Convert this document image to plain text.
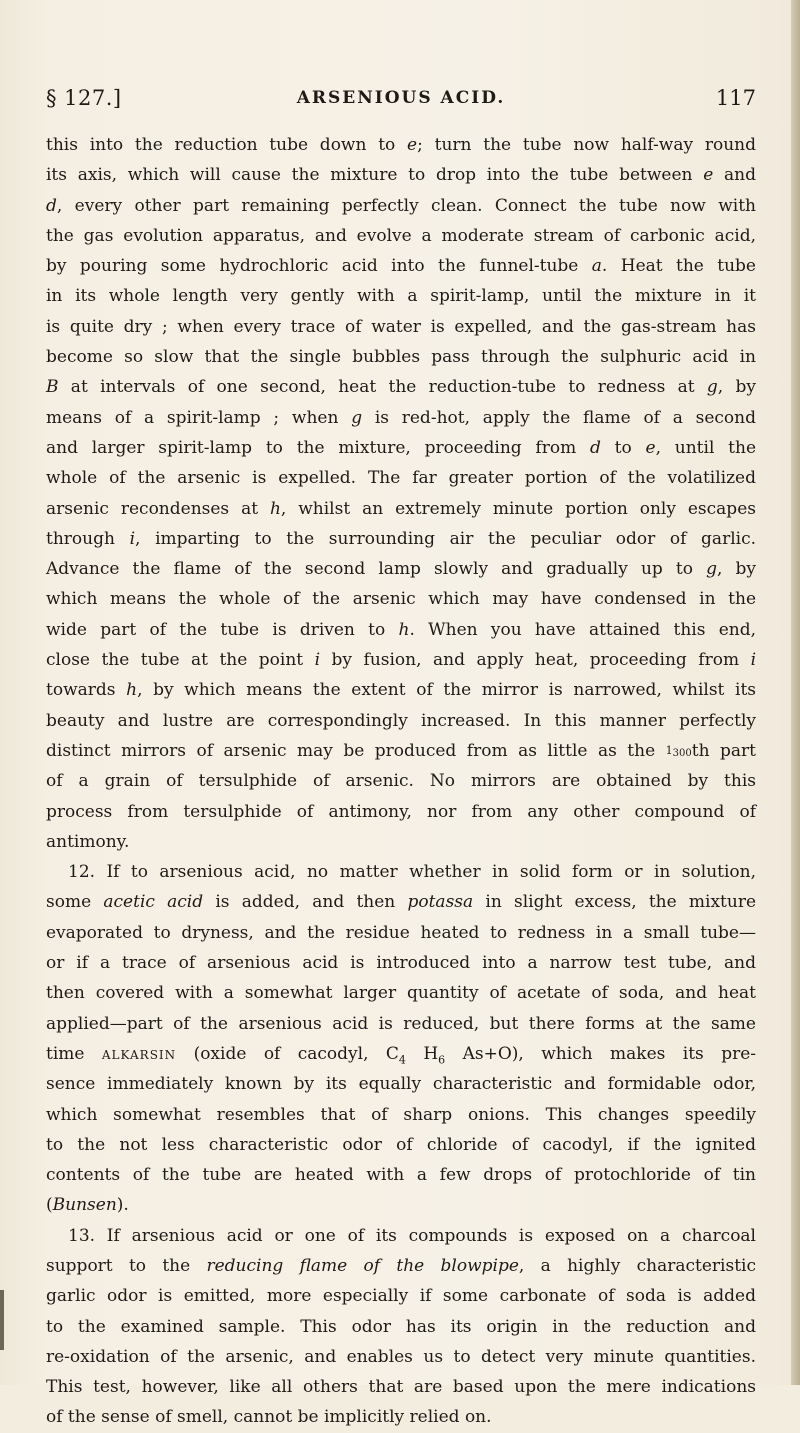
§ 127.]	ARSENIOUS ACID.	117
this into the reduction tube down to e; turn the tube now half-way round
its axis, which will cause the mixture to drop into the tube between e and
d, every other part remaining perfectly clean. Connect the tube now with
the gas evolution apparatus, and evolve a moderate stream of carbonic acid,
by pouring some hydrochloric acid into the funnel-tube a. Heat the tube
in its whole length very gently with a spirit-lamp, until the mixture in it
is quite dry ; when every trace of water is expelled, and the gas-stream has
become so slow that the single bubbles pass through the sulphuric acid in
B at intervals of one second, heat the reduction-tube to redness at g, by
means of a spirit-lamp ; when g is red-hot, apply the flame of a second
and larger spirit-lamp to the mixture, proceeding from d to e, until the
whole of the arsenic is expelled. The far greater portion of the volatilized
arsenic recondenses at h, whilst an extremely minute portion only escapes
through i, imparting to the surrounding air the peculiar odor of garlic.
Advance the flame of the second lamp slowly and gradually up to g, by
which means the whole of the arsenic which may have condensed in the
wide part of the tube is driven to h. When you have attained this end,
close the tube at the point i by fusion, and apply heat, proceeding from i
towards h, by which means the extent of the mirror is narrowed, whilst its
beauty and lustre are correspondingly increased. In this manner perfectly
distinct mirrors of arsenic may be produced from as little as the 1300th part
of a grain of tersulphide of arsenic. No mirrors are obtained by this
process from tersulphide of antimony, nor from any other compound of
antimony.
12. If to arsenious acid, no matter whether in solid form or in solution,
some acetic acid is added, and then potassa in slight excess, the mixture
evaporated to dryness, and the residue heated to redness in a small tube—
or if a trace of arsenious acid is introduced into a narrow test tube, and
then covered with a somewhat larger quantity of acetate of soda, and heat
applied—part of the arsenious acid is reduced, but there forms at the same
time alkarsin (oxide of cacodyl, $C_4$ $H_6$ As+O), which makes its pre-
sence immediately known by its equally characteristic and formidable odor,
which somewhat resembles that of sharp onions. This changes speedily
to the not less characteristic odor of chloride of cacodyl, if the ignited
contents of the tube are heated with a few drops of protochloride of tin
(Bunsen).
13. If arsenious acid or one of its compounds is exposed on a charcoal
support to the reducing flame of the blowpipe, a highly characteristic
garlic odor is emitted, more especially if some carbonate of soda is added
to the examined sample. This odor has its origin in the reduction and
re-oxidation of the arsenic, and enables us to detect very minute quantities.
This test, however, like all others that are based upon the mere indications
of the sense of smell, cannot be implicitly relied on.
